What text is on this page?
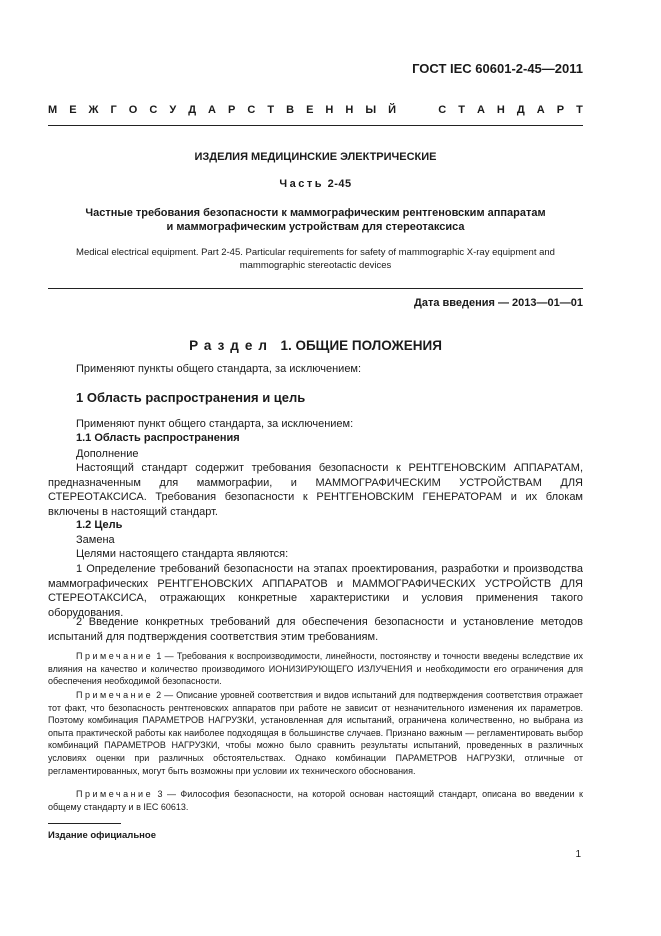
ГОСТ IEC 60601-2-45—2011
М Е Ж Г О С У Д А Р С Т В Е Н Н Ы Й

	С Т А Н Д А Р Т
ИЗДЕЛИЯ МЕДИЦИНСКИЕ ЭЛЕКТРИЧЕСКИЕ
Часть 2-45
Частные требования безопасности к маммографическим рентгеновским аппаратам
и маммографическим устройствам для стереотаксиса
Medical electrical equipment. Part 2-45. Particular requirements for safety of mammographic X-ray equipment and
mammographic stereotactic devices
Дата введения — 2013—01—01
Раздел 1. ОБЩИЕ ПОЛОЖЕНИЯ
Применяют пункты общего стандарта, за исключением:
1 Область распространения и цель
Применяют пункт общего стандарта, за исключением:
1.1 Область распространения
Дополнение
Настоящий стандарт содержит требования безопасности к РЕНТГЕНОВСКИМ АППАРАТАМ, предназначенным для маммографии, и МАММОГРАФИЧЕСКИМ УСТРОЙСТВАМ ДЛЯ СТЕРЕОТАКСИСА. Требования безопасности к РЕНТГЕНОВСКИМ ГЕНЕРАТОРАМ и их блокам включены в настоящий стандарт.
1.2 Цель
Замена
Целями настоящего стандарта являются:
1 Определение требований безопасности на этапах проектирования, разработки и производства маммографических РЕНТГЕНОВСКИХ АППАРАТОВ и МАММОГРАФИЧЕСКИХ УСТРОЙСТВ ДЛЯ СТЕРЕОТАКСИСА, отражающих конкретные характеристики и условия применения такого оборудования.
2 Введение конкретных требований для обеспечения безопасности и установление методов испытаний для подтверждения соответствия этим требованиям.
Примечание 1 — Требования к воспроизводимости, линейности, постоянству и точности введены вследствие их влияния на качество и количество производимого ИОНИЗИРУЮЩЕГО ИЗЛУЧЕНИЯ и необходимости его ограничения для обеспечения необходимой безопасности.
Примечание 2 — Описание уровней соответствия и видов испытаний для подтверждения соответствия отражает тот факт, что безопасность рентгеновских аппаратов при работе не зависит от незначительного изменения их параметров. Поэтому комбинация ПАРАМЕТРОВ НАГРУЗКИ, установленная для испытаний, ограничена количественно, но выбрана из опыта практической работы как наиболее подходящая в большинстве случаев. Признано важным — регламентировать выбор комбинаций ПАРАМЕТРОВ НАГРУЗКИ, чтобы можно было сравнить результаты испытаний, проведенных в различных условиях оценки при различных обстоятельствах. Однако комбинации ПАРАМЕТРОВ НАГРУЗКИ, отличные от регламентированных, могут быть возможны при условии их технического обоснования.
Примечание 3 — Философия безопасности, на которой основан настоящий стандарт, описана во введении к общему стандарту и в IEC 60613.
Издание официальное
1
